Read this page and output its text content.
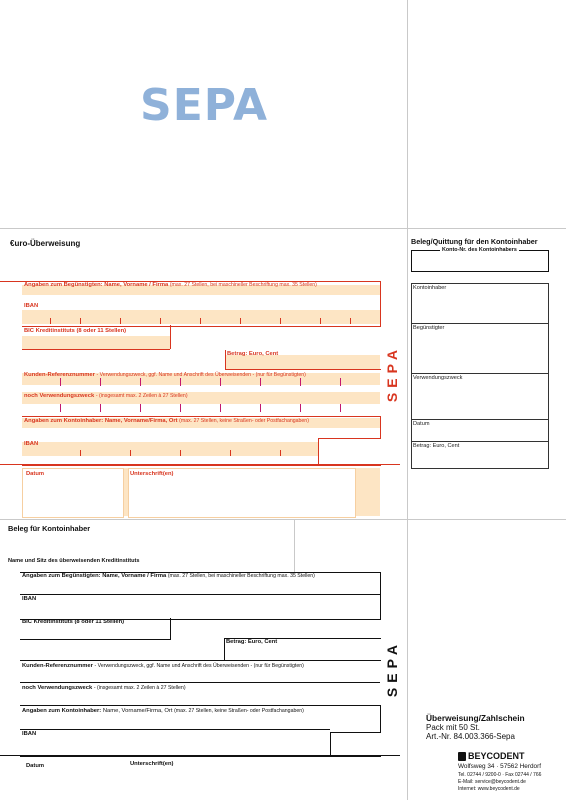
SEPA
€uro-Überweisung
Angaben zum Begünstigten: Name, Vorname / Firma (max. 27 Stellen, bei maschineller Beschriftung max. 35 Stellen)
IBAN
BIC Kreditinstituts (8 oder 11 Stellen)
Betrag: Euro, Cent
Kunden-Referenznummer - Verwendungszweck, ggf. Name und Anschrift des Überweisenden - (nur für Begünstigten)
noch Verwendungszweck - (insgesamt max. 2 Zeilen à 27 Stellen)
Angaben zum Kontoinhaber: Name, Vorname/Firma, Ort (max. 27 Stellen, keine Straßen- oder Postfachangaben)
IBAN
Datum	Unterschrift(en)
SEPA
Beleg/Quittung für den Kontoinhaber
Konto-Nr. des Kontoinhabers
Kontoinhaber
Begünstigter
Verwendungszweck
Datum
Betrag: Euro, Cent
Beleg für Kontoinhaber
Name und Sitz des überweisenden Kreditinstituts
Angaben zum Begünstigten: Name, Vorname / Firma (max. 27 Stellen, bei maschineller Beschriftung max. 35 Stellen)
IBAN
BIC Kreditinstituts (8 oder 11 Stellen)
Betrag: Euro, Cent
Kunden-Referenznummer - Verwendungszweck, ggf. Name und Anschrift des Überweisenden - (nur für Begünstigten)
noch Verwendungszweck - (insgesamt max. 2 Zeilen à 27 Stellen)
Angaben zum Kontoinhaber: Name, Vorname/Firma, Ort (max. 27 Stellen, keine Straßen- oder Postfachangaben)
IBAN
Datum	Unterschrift(en)
SEPA
Überweisung/Zahlschein
Pack mit 50 St.
Art.-Nr. 84.003.366-Sepa
BEYCODENT
Wolfsweg 34 · 57562 Herdorf
Tel. 02744 / 9200-0 · Fax 02744 / 766
E-Mail: service@beycodent.de
Internet: www.beycodent.de
